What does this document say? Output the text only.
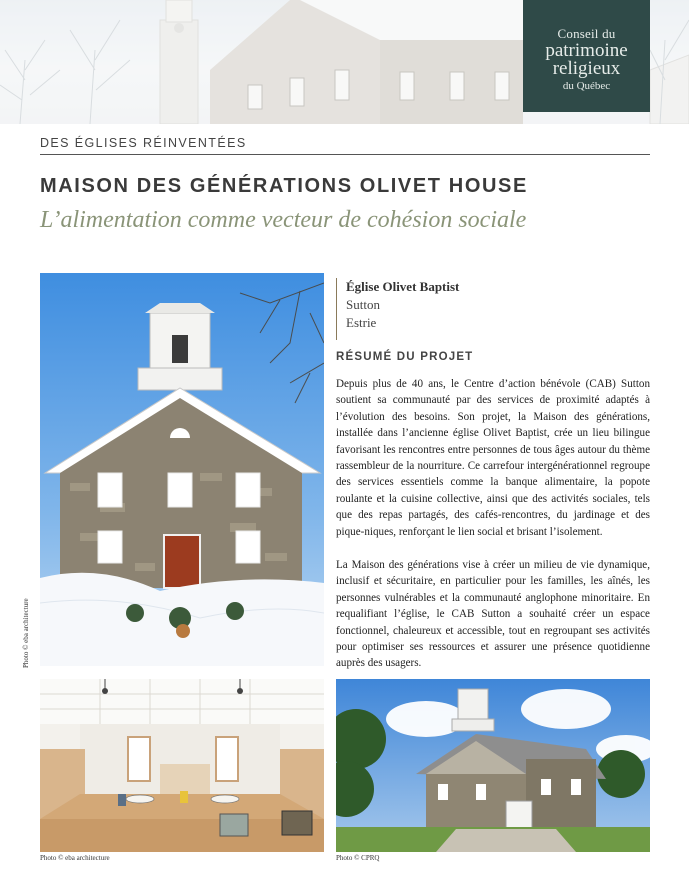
Conseil du
patrimoine
religieux
du Québec
DES ÉGLISES RÉINVENTÉES
MAISON DES GÉNÉRATIONS OLIVET HOUSE
L’alimentation comme vecteur de cohésion sociale
Photo © eba architecture
Église Olivet Baptist
Sutton
Estrie
RÉSUMÉ DU PROJET

Depuis plus de 40 ans, le Centre d’action bénévole (CAB) Sutton soutient sa communauté par des services de proximité adaptés à l’évolution des besoins. Son projet, la Maison des générations, installée dans l’ancienne église Olivet Baptist, crée un lieu bilingue favorisant les rencontres entre personnes de tous âges autour du thème rassembleur de la nourriture. Ce carrefour intergénérationnel regroupe des services essentiels comme la banque alimentaire, la popote roulante et la cuisine collective, ainsi que des activités sociales, tels que des repas partagés, des cafés-rencontres, du jardinage et des pique-niques, renforçant le lien social et brisant l’isolement.

La Maison des générations vise à créer un milieu de vie dynamique, inclusif et sécuritaire, en particulier pour les familles, les aînés, les personnes vulnérables et la communauté anglophone minoritaire. En requalifiant l’église, le CAB Sutton a souhaité créer un espace fonctionnel, chaleureux et accessible, tout en regroupant ses activités pour optimiser ses ressources et assurer une présence quotidienne auprès des usagers.

Photo © eba architecture	Photo © CPRQ
